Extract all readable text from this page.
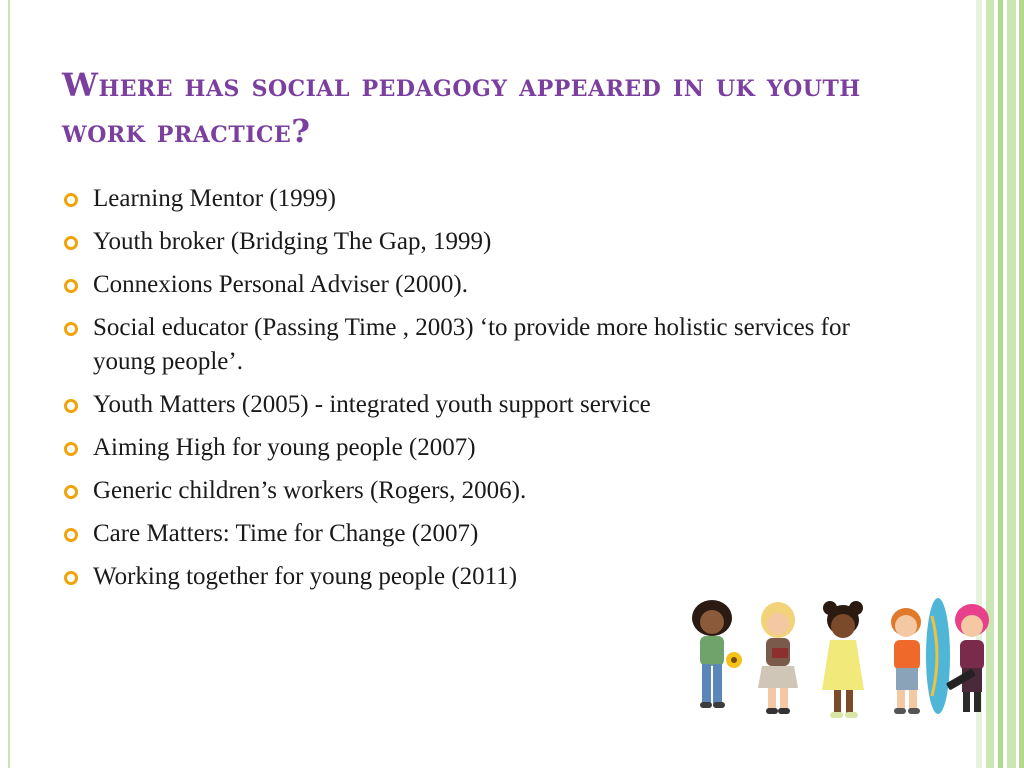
Where has social pedagogy appeared in uk youth work practice?
Learning Mentor (1999)
Youth broker (Bridging The Gap, 1999)
Connexions Personal Adviser (2000).
Social educator (Passing Time , 2003) ‘to provide more holistic services for young people’.
Youth Matters (2005) - integrated youth support service
Aiming High for young people (2007)
Generic children’s workers (Rogers, 2006).
Care Matters: Time for Change (2007)
Working together for young people (2011)
